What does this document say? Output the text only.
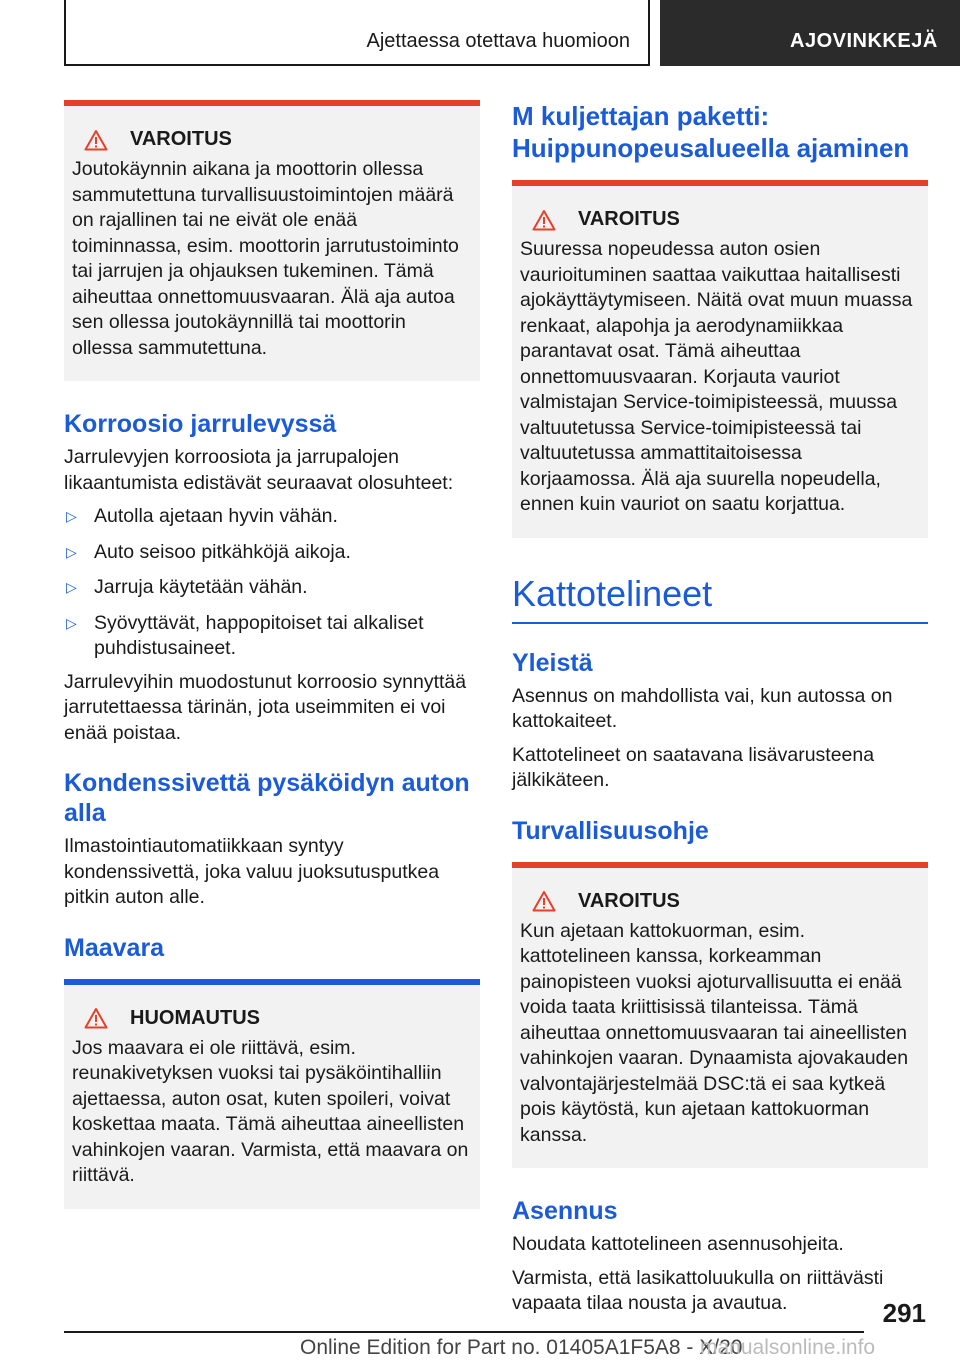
Ajettaessa otettava huomioon	AJOVINKKEJÄ
VAROITUS
Joutokäynnin aikana ja moottorin ollessa sammutettuna turvallisuustoimintojen määrä on rajallinen tai ne eivät ole enää toiminnassa, esim. moottorin jarrutustoiminto tai jarrujen ja ohjauksen tukeminen. Tämä aiheuttaa onnettomuusvaaran. Älä aja autoa sen ollessa joutokäynnillä tai moottorin ollessa sammutettuna.
Korroosio jarrulevyssä

Jarrulevyjen korroosiota ja jarrupalojen likaantumista edistävät seuraavat olosuhteet:

▷ Autolla ajetaan hyvin vähän.
▷ Auto seisoo pitkähköjä aikoja.
▷ Jarruja käytetään vähän.
▷ Syövyttävät, happopitoiset tai alkaliset puhdistusaineet.

Jarrulevyihin muodostunut korroosio synnyttää jarrutettaessa tärinän, jota useimmiten ei voi enää poistaa.

Kondenssivettä pysäköidyn auton alla

Ilmastointiautomatiikkaan syntyy kondenssivettä, joka valuu juoksutusputkea pitkin auton alle.

Maavara
HUOMAUTUS
Jos maavara ei ole riittävä, esim. reunakivetyksen vuoksi tai pysäköintihalliin ajettaessa, auton osat, kuten spoileri, voivat koskettaa maata. Tämä aiheuttaa aineellisten vahinkojen vaaran. Varmista, että maavara on riittävä.
M kuljettajan paketti: Huippunopeusalueella ajaminen
VAROITUS
Suuressa nopeudessa auton osien vaurioituminen saattaa vaikuttaa haitallisesti ajokäyttäytymiseen. Näitä ovat muun muassa renkaat, alapohja ja aerodynamiikkaa parantavat osat. Tämä aiheuttaa onnettomuusvaaran. Korjauta vauriot valmistajan Service-toimipisteessä, muussa valtuutetussa Service-toimipisteessä tai valtuutetussa ammattitaitoisessa korjaamossa. Älä aja suurella nopeudella, ennen kuin vauriot on saatu korjattua.
Kattotelineet
Yleistä

Asennus on mahdollista vai, kun autossa on kattokaiteet.

Kattotelineet on saatavana lisävarusteena jälkikäteen.

Turvallisuusohje
VAROITUS
Kun ajetaan kattokuorman, esim. kattotelineen kanssa, korkeamman painopisteen vuoksi ajoturvallisuutta ei enää voida taata kriittisissä tilanteissa. Tämä aiheuttaa onnettomuusvaaran tai aineellisten vahinkojen vaaran. Dynaamista ajovakauden valvontajärjestelmää DSC:tä ei saa kytkeä pois käytöstä, kun ajetaan kattokuorman kanssa.
Asennus

Noudata kattotelineen asennusohjeita.

Varmista, että lasikattoluukulla on riittävästi vapaata tilaa nousta ja avautua.	291
Online Edition for Part no. 01405A1F5A8 - X/20
manualsonline.info
